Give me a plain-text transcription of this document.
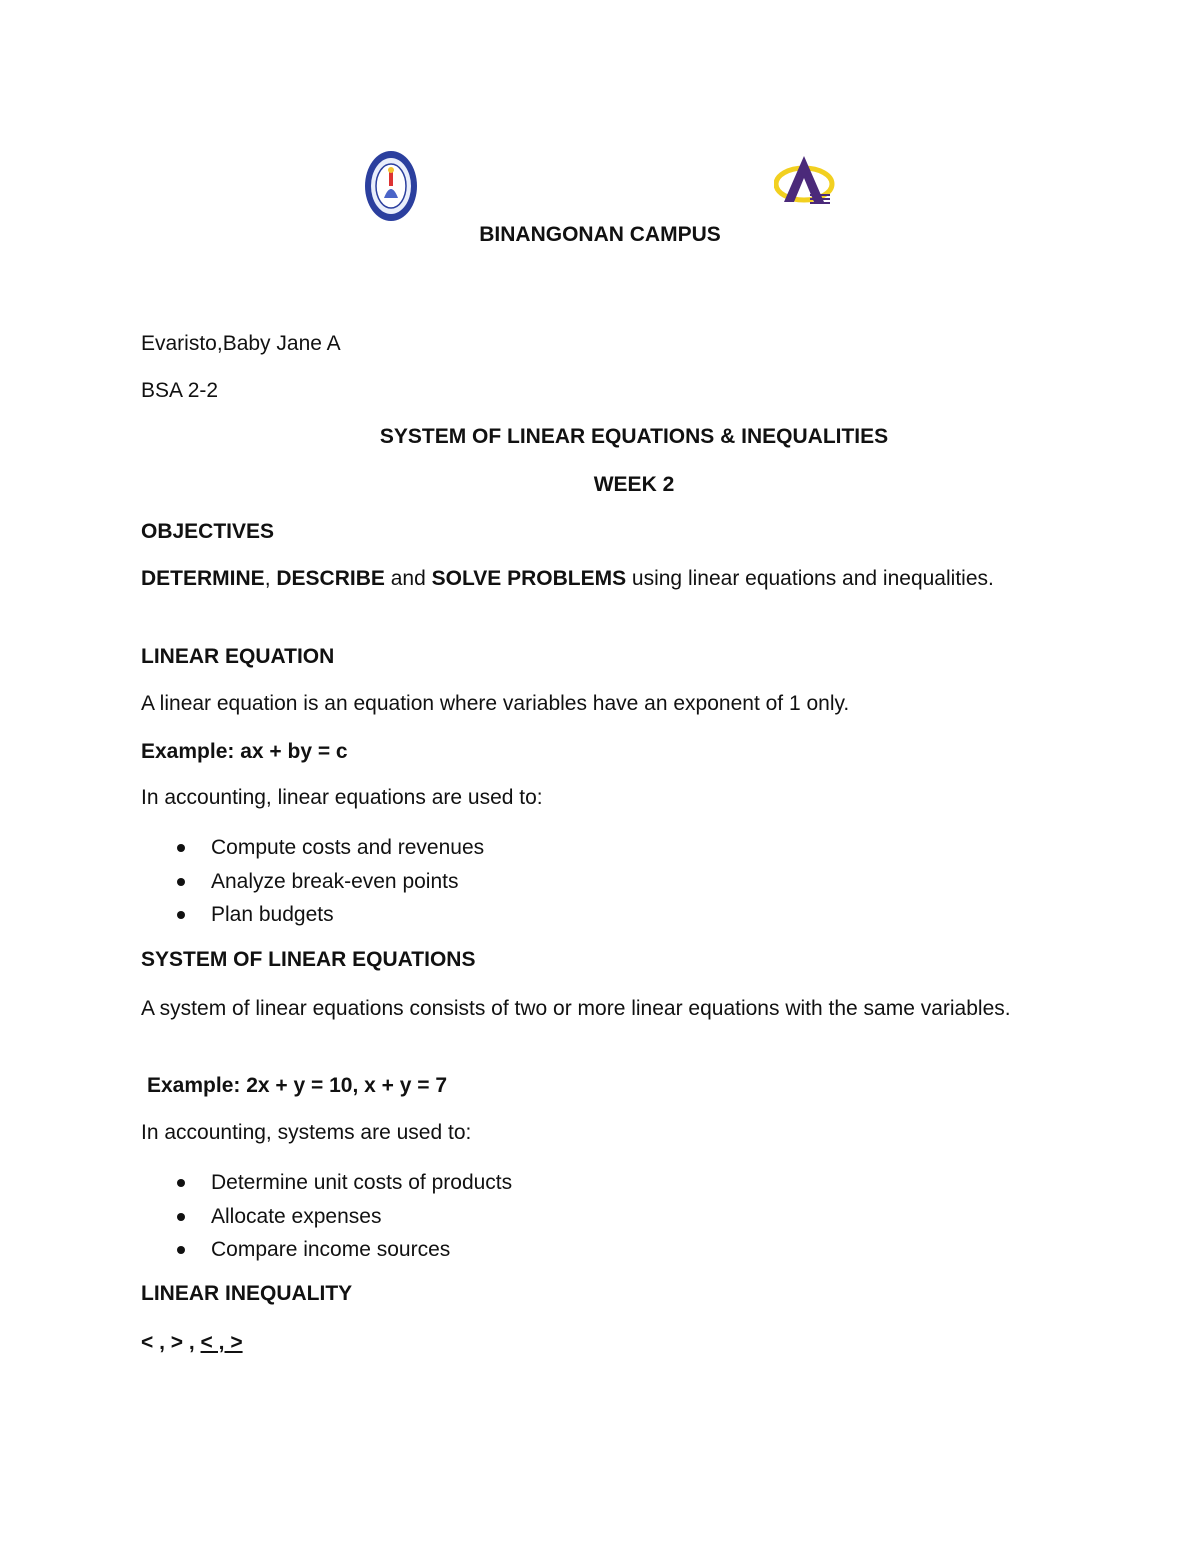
BINANGONAN CAMPUS
Evaristo,Baby Jane A
BSA 2-2
SYSTEM OF LINEAR EQUATIONS & INEQUALITIES
WEEK 2
OBJECTIVES
DETERMINE, DESCRIBE and SOLVE PROBLEMS using linear equations and inequalities.
LINEAR EQUATION
A linear equation is an equation where variables have an exponent of 1 only.
Example: ax + by = c
In accounting, linear equations are used to:
Compute costs and revenues
Analyze break-even points
Plan budgets
SYSTEM OF LINEAR EQUATIONS
A system of linear equations consists of two or more linear equations with the same variables.
Example: 2x + y = 10, x + y = 7
In accounting, systems are used to:
Determine unit costs of products
Allocate expenses
Compare income sources
LINEAR INEQUALITY
< , > , < , >
